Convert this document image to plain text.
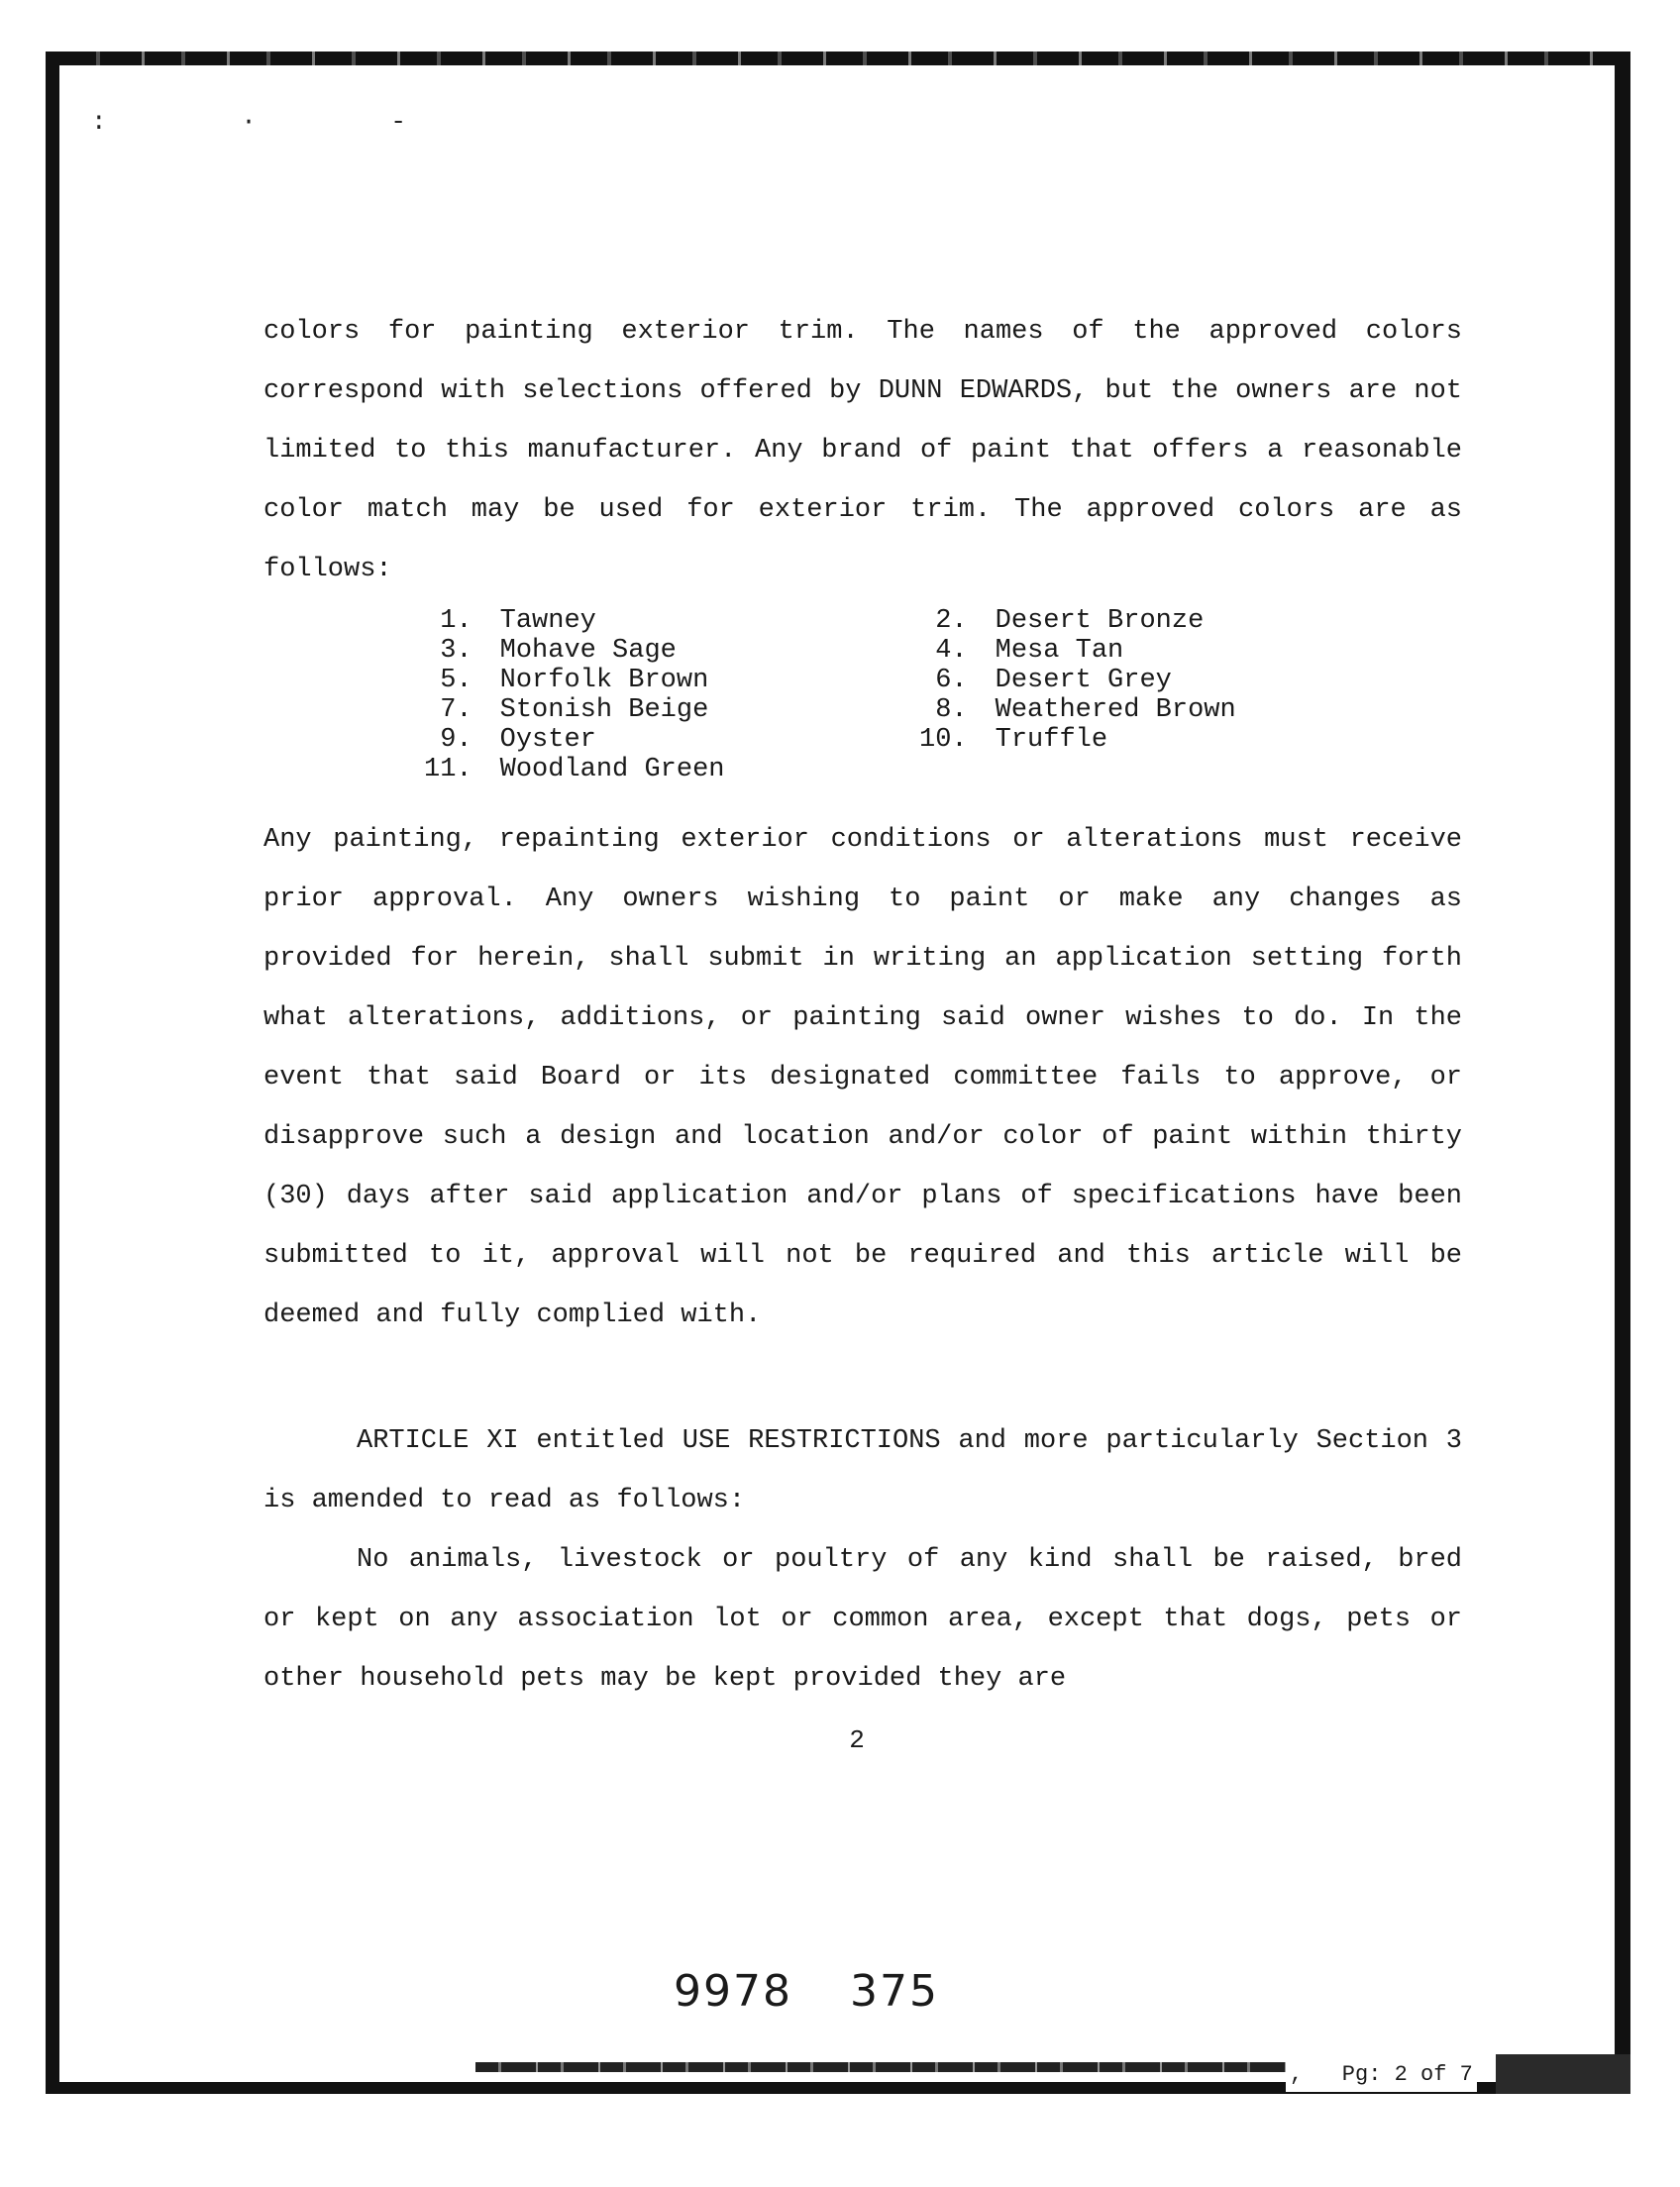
: · -
colors for painting exterior trim. The names of the approved colors correspond with selections offered by DUNN EDWARDS, but the owners are not limited to this manufacturer. Any brand of paint that offers a reasonable color match may be used for exterior trim. The approved colors are as follows:
1.	Tawney	2.	Desert Bronze
3.	Mohave Sage	4.	Mesa Tan
5.	Norfolk Brown	6.	Desert Grey
7.	Stonish Beige	8.	Weathered Brown
9.	Oyster	10.	Truffle
11.	Woodland Green
Any painting, repainting exterior conditions or alterations must receive prior approval. Any owners wishing to paint or make any changes as provided for herein, shall submit in writing an application setting forth what alterations, additions, or painting said owner wishes to do. In the event that said Board or its designated committee fails to approve, or disapprove such a design and location and/or color of paint within thirty (30) days after said application and/or plans of specifications have been submitted to it, approval will not be required and this article will be deemed and fully complied with.
ARTICLE XI entitled USE RESTRICTIONS and more particularly Section 3 is amended to read as follows:
No animals, livestock or poultry of any kind shall be raised, bred or kept on any association lot or common area, except that dogs, pets or other household pets may be kept provided they are
2
9978 375
,   Pg: 2 of 7
